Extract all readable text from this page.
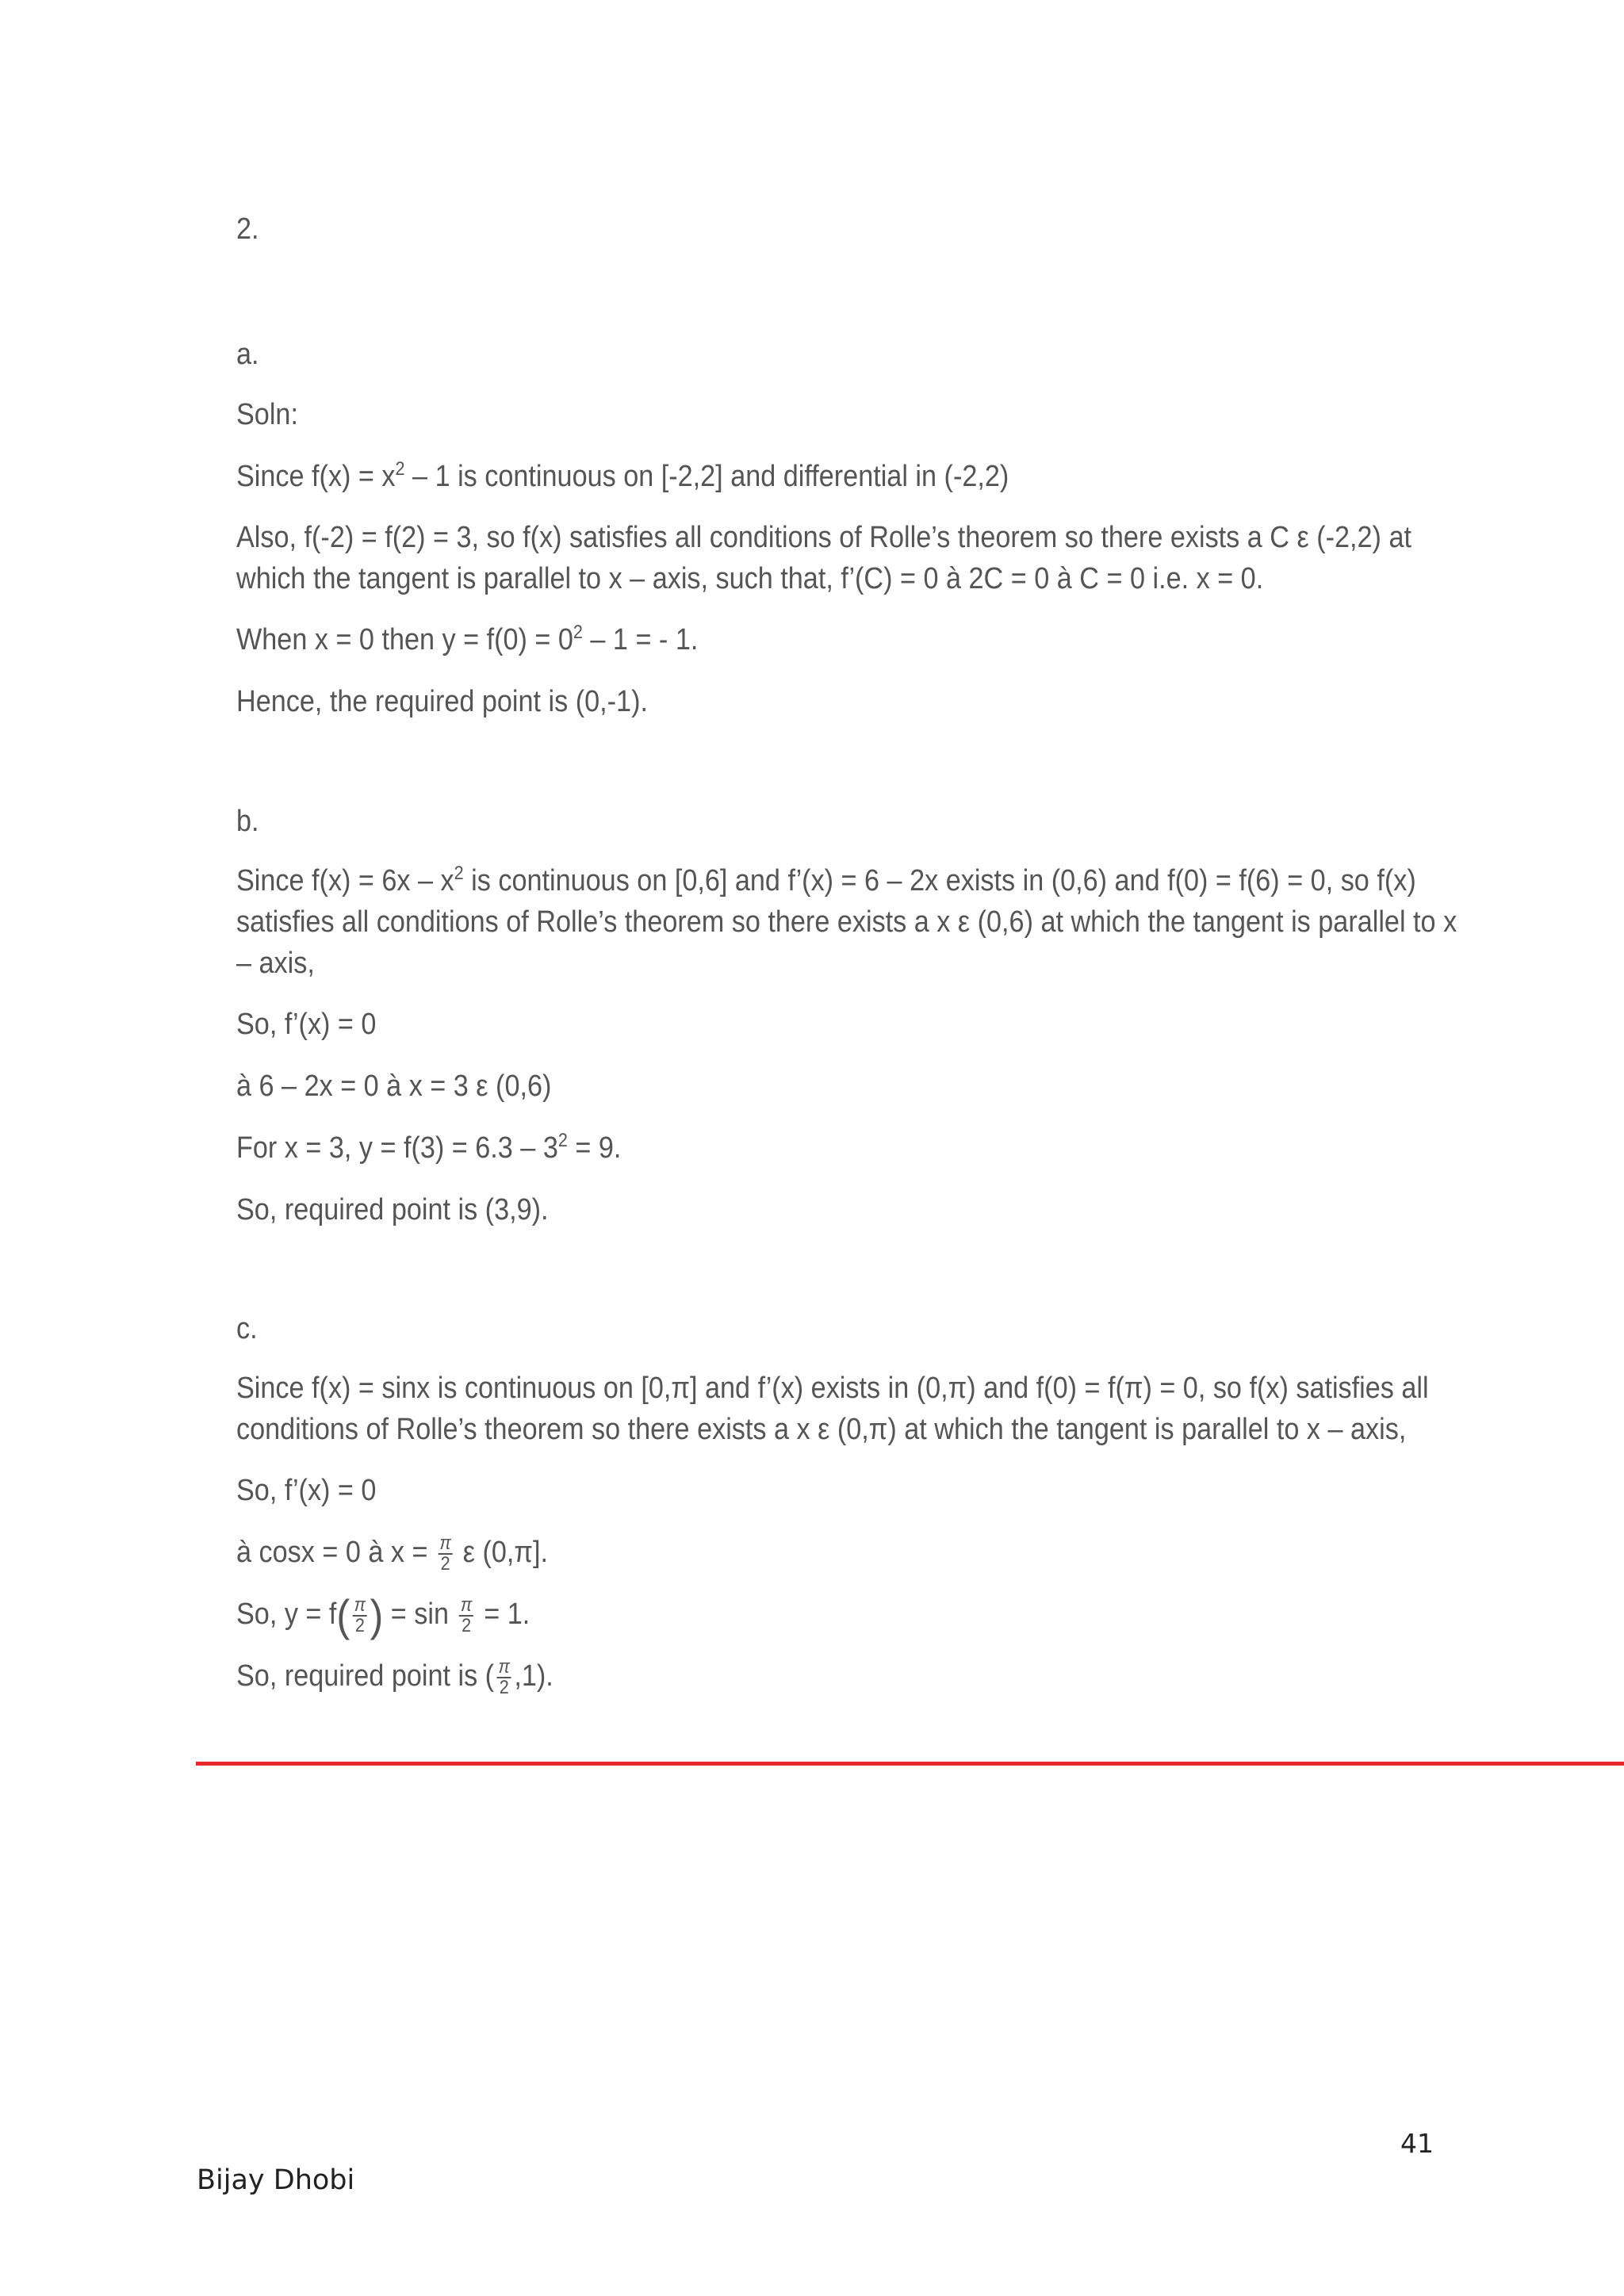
2.

a.

Soln:

Since $f(x) = x^2 - 1$ is continuous on [-2,2] and differential in (-2,2)

Also, f(-2) = f(2) = 3, so f(x) satisfies all conditions of Rolle’s theorem so there exists a C ε (-2,2) at which the tangent is parallel to x – axis, such that, f’(C) = 0 à 2C = 0 à C = 0 i.e. x = 0.

When x = 0 then $y = f(0) = 0^2 - 1$ = - 1.

Hence, the required point is (0,-1).

b.

Since $f(x) = 6x - x^2$ is continuous on [0,6] and f’(x) = 6 – 2x exists in (0,6) and f(0) = f(6) = 0, so f(x) satisfies all conditions of Rolle’s theorem so there exists a x ε (0,6) at which the tangent is parallel to x – axis,

So, f’(x) = 0

à 6 – 2x = 0 à x = 3 ε (0,6)

For x = 3, $y = f(3) = 6.3 - 3^2 = 9$.

So, required point is (3,9).

c.

Since f(x) = sinx is continuous on [0,π] and f’(x) exists in (0,π) and f(0) = f(π) = 0, so f(x) satisfies all conditions of Rolle’s theorem so there exists a x ε (0,π) at which the tangent is parallel to x – axis,

So, f’(x) = 0

à cosx = 0 à $x = \frac{\pi}{2}$ ε (0,π].

So, $y = f( \frac{\pi}{2}$ ) = $\sin \frac{\pi}{2} = 1$.

So, required point is ( $\frac{\pi}{2} ,1$).

41
Bijay Dhobi
